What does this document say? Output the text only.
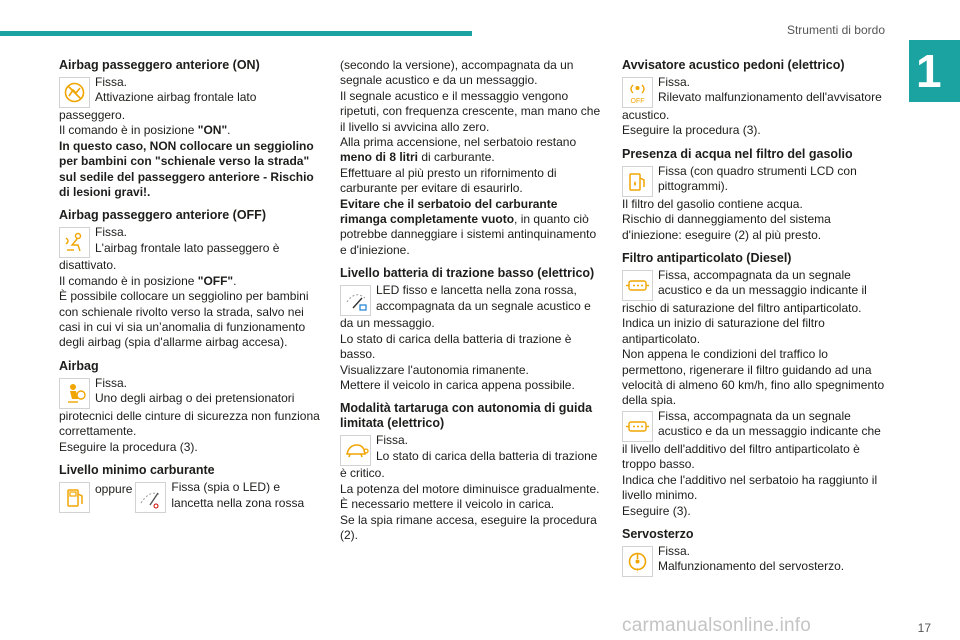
Strumenti di bordo
1
Airbag passeggero anteriore (ON)

Fissa.

Attivazione airbag frontale lato

passeggero.

Il comando è in posizione "ON".

In questo caso, NON collocare un seggiolino per bambini con "schienale verso la strada" sul sedile del passeggero anteriore - Rischio di lesioni gravi!.

Airbag passeggero anteriore (OFF)

Fissa.

L'airbag frontale lato passeggero è

disattivato.

Il comando è in posizione "OFF".

È possibile collocare un seggiolino per bambini con schienale rivolto verso la strada, salvo nei casi in cui vi sia un’anomalia di funzionamento degli airbag (spia d'allarme airbag accesa).

Airbag

Fissa.

Uno degli airbag o dei pretensionatori

pirotecnici delle cinture di sicurezza non funziona correttamente.

Eseguire la procedura (3).

Livello minimo carburante
oppure	Fissa (spia o LED) e

lancetta nella zona rossa

(secondo la versione), accompagnata da un segnale acustico e da un messaggio.

Il segnale acustico e il messaggio vengono ripetuti, con frequenza crescente, man mano che il livello si avvicina allo zero.

Alla prima accensione, nel serbatoio restano meno di 8 litri di carburante.

Effettuare al più presto un rifornimento di carburante per evitare di esaurirlo.

Evitare che il serbatoio del carburante rimanga completamente vuoto, in quanto ciò potrebbe danneggiare i sistemi antinquinamento e d'iniezione.

Livello batteria di trazione basso (elettrico)

LED fisso e lancetta nella zona rossa,

accompagnata da un segnale acustico e

da un messaggio.

Lo stato di carica della batteria di trazione è basso.

Visualizzare l'autonomia rimanente.

Mettere il veicolo in carica appena possibile.

Modalità tartaruga con autonomia di guida limitata (elettrico)

Fissa.

Lo stato di carica della batteria di trazione

è critico.

La potenza del motore diminuisce gradualmente.

È necessario mettere il veicolo in carica.

Se la spia rimane accesa, eseguire la procedura (2).

Avvisatore acustico pedoni (elettrico)
OFF

Fissa.

Rilevato malfunzionamento dell'avvisatore

acustico.

Eseguire la procedura (3).

Presenza di acqua nel filtro del gasolio

Fissa (con quadro strumenti LCD con

pittogrammi).

Il filtro del gasolio contiene acqua.

Rischio di danneggiamento del sistema d'iniezione: eseguire (2) al più presto.

Filtro antiparticolato (Diesel)

Fissa, accompagnata da un segnale

acustico e da un messaggio indicante il

rischio di saturazione del filtro antiparticolato.

Indica un inizio di saturazione del filtro antiparticolato.

Non appena le condizioni del traffico lo permettono, rigenerare il filtro guidando ad una velocità di almeno 60 km/h, fino allo spegnimento della spia.

Fissa, accompagnata da un segnale

acustico e da un messaggio indicante che

il livello dell'additivo del filtro antiparticolato è troppo basso.

Indica che l'additivo nel serbatoio ha raggiunto il livello minimo.

Eseguire (3).

Servosterzo
!

Fissa.

Malfunzionamento del servosterzo.

carmanualsonline.info	17
